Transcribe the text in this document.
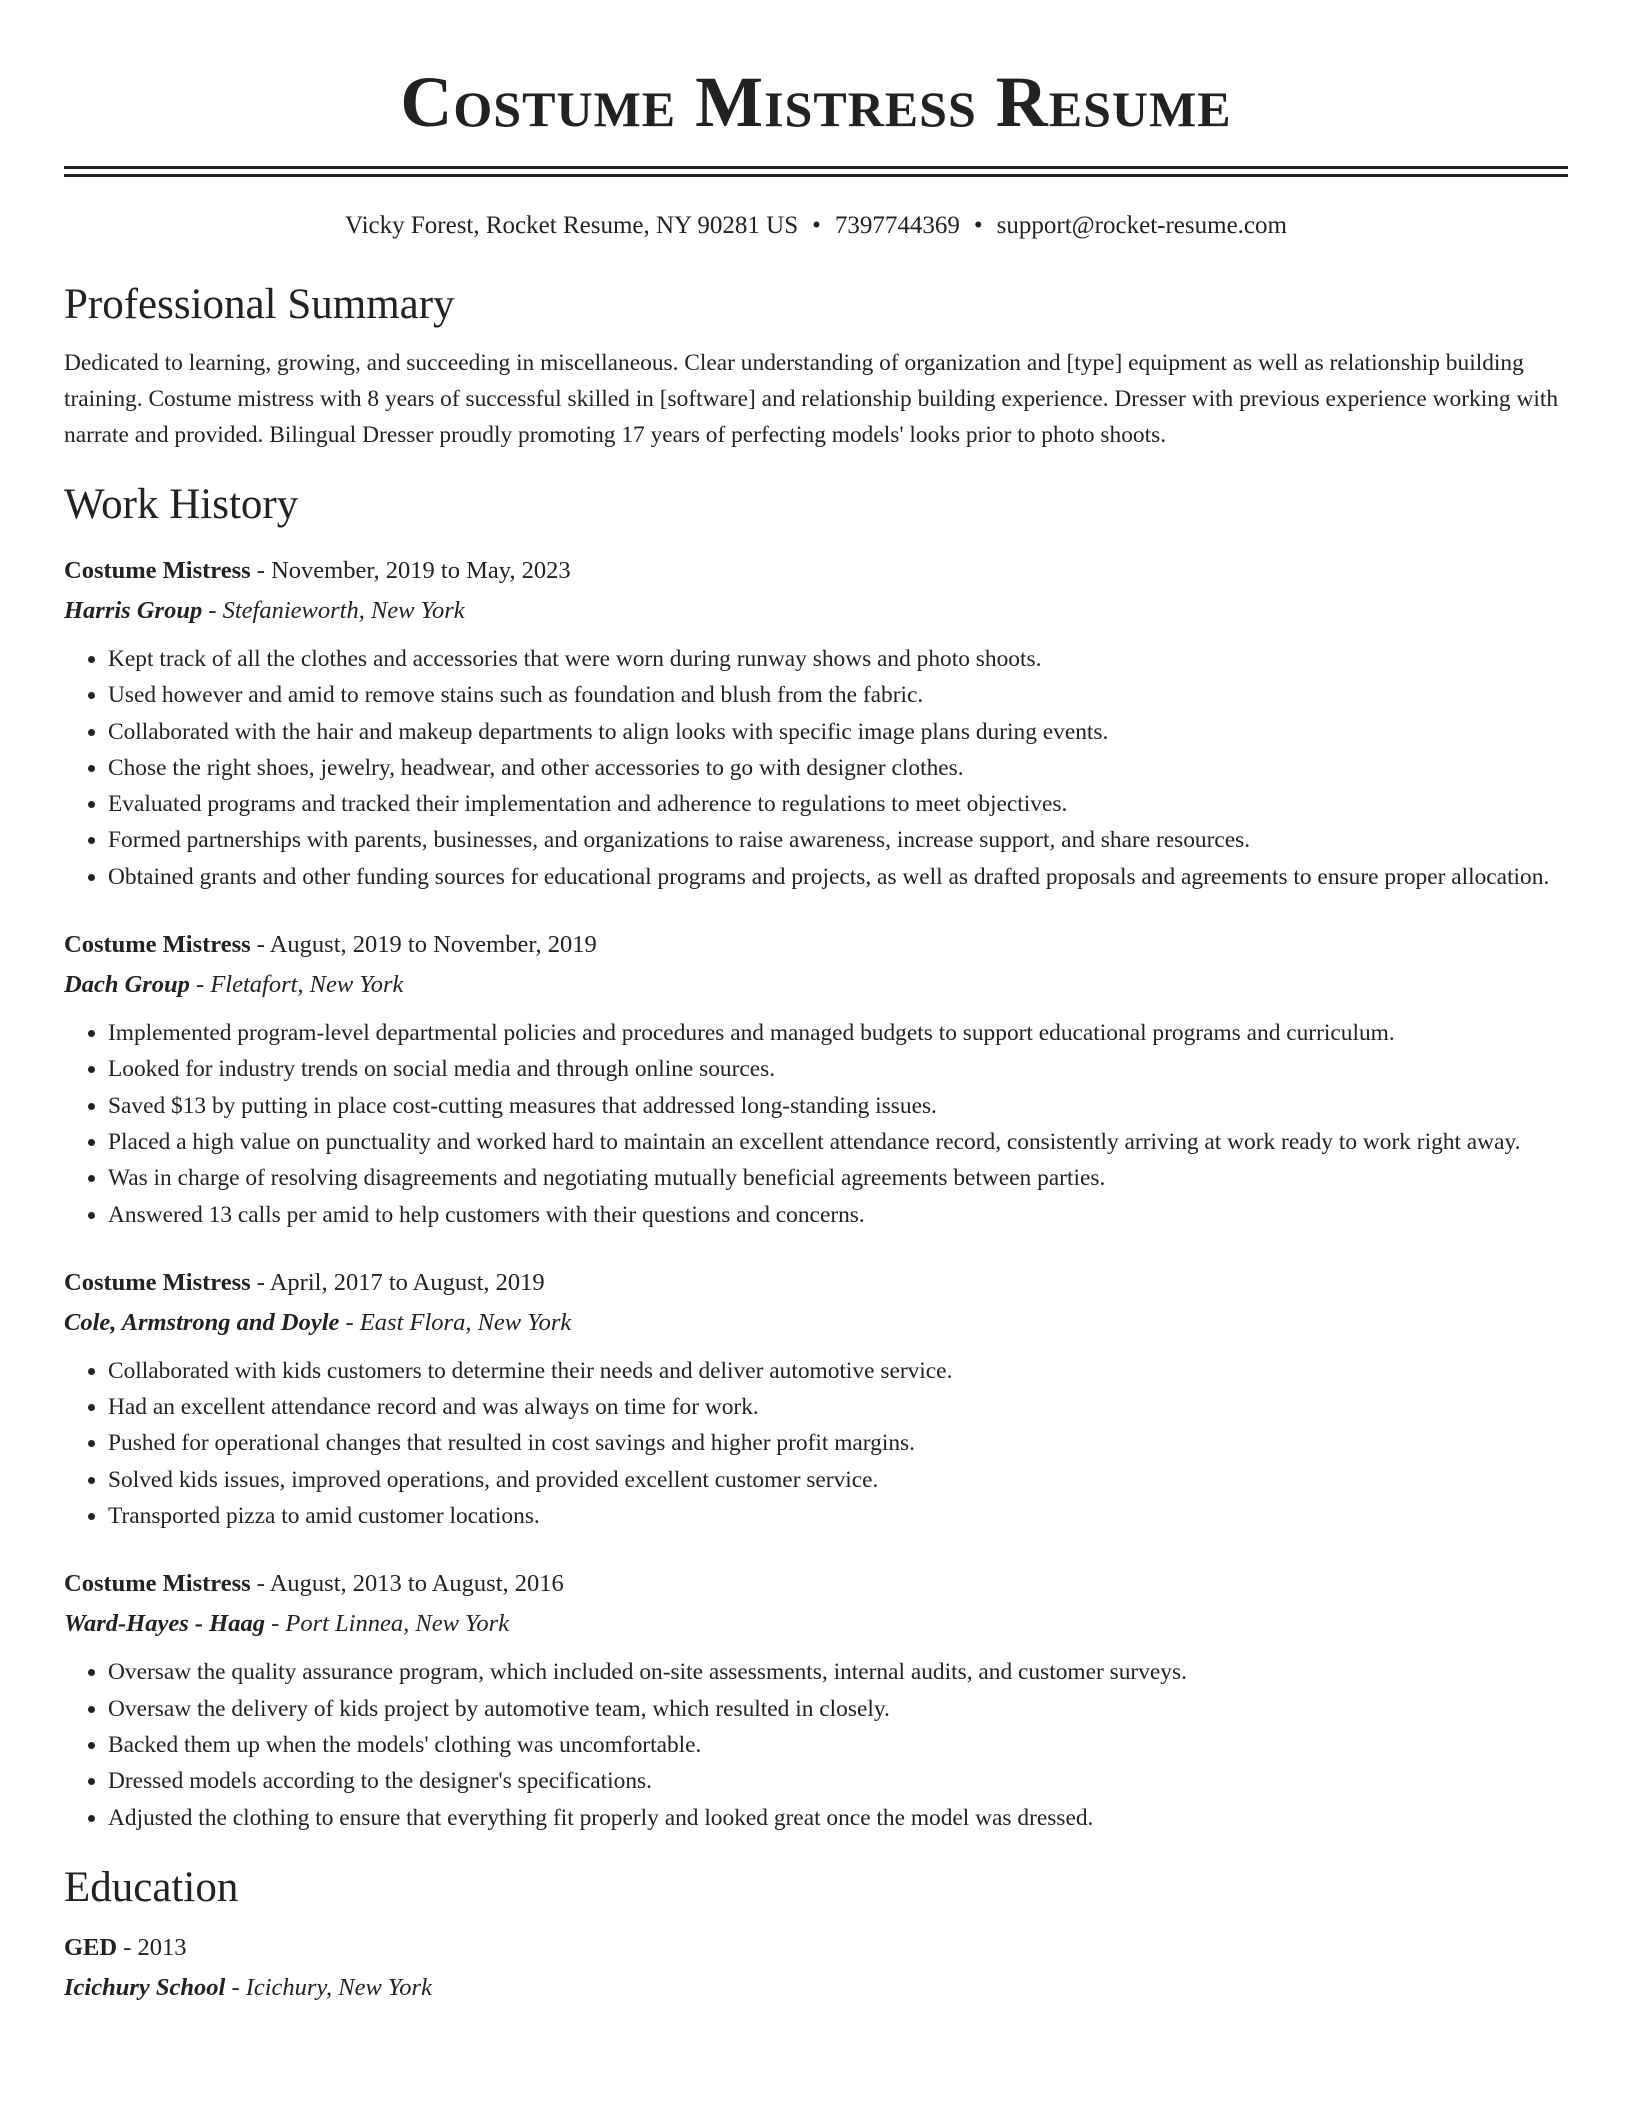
Costume Mistress Resume
Vicky Forest, Rocket Resume, NY 90281 US • 7397744369 • support@rocket-resume.com
Professional Summary

Dedicated to learning, growing, and succeeding in miscellaneous. Clear understanding of organization and [type] equipment as well as relationship building training. Costume mistress with 8 years of successful skilled in [software] and relationship building experience. Dresser with previous experience working with narrate and provided. Bilingual Dresser proudly promoting 17 years of perfecting models' looks prior to photo shoots.

Work History
Costume Mistress - November, 2019 to May, 2023
Harris Group - Stefanieworth, New York
• Kept track of all the clothes and accessories that were worn during runway shows and photo shoots.
• Used however and amid to remove stains such as foundation and blush from the fabric.
• Collaborated with the hair and makeup departments to align looks with specific image plans during events.
• Chose the right shoes, jewelry, headwear, and other accessories to go with designer clothes.
• Evaluated programs and tracked their implementation and adherence to regulations to meet objectives.
• Formed partnerships with parents, businesses, and organizations to raise awareness, increase support, and share resources.
• Obtained grants and other funding sources for educational programs and projects, as well as drafted proposals and agreements to ensure proper allocation.
Costume Mistress - August, 2019 to November, 2019
Dach Group - Fletafort, New York
• Implemented program-level departmental policies and procedures and managed budgets to support educational programs and curriculum.
• Looked for industry trends on social media and through online sources.
• Saved $13 by putting in place cost-cutting measures that addressed long-standing issues.
• Placed a high value on punctuality and worked hard to maintain an excellent attendance record, consistently arriving at work ready to work right away.
• Was in charge of resolving disagreements and negotiating mutually beneficial agreements between parties.
• Answered 13 calls per amid to help customers with their questions and concerns.
Costume Mistress - April, 2017 to August, 2019
Cole, Armstrong and Doyle - East Flora, New York
• Collaborated with kids customers to determine their needs and deliver automotive service.
• Had an excellent attendance record and was always on time for work.
• Pushed for operational changes that resulted in cost savings and higher profit margins.
• Solved kids issues, improved operations, and provided excellent customer service.
• Transported pizza to amid customer locations.
Costume Mistress - August, 2013 to August, 2016
Ward-Hayes - Haag - Port Linnea, New York
• Oversaw the quality assurance program, which included on-site assessments, internal audits, and customer surveys.
• Oversaw the delivery of kids project by automotive team, which resulted in closely.
• Backed them up when the models' clothing was uncomfortable.
• Dressed models according to the designer's specifications.
• Adjusted the clothing to ensure that everything fit properly and looked great once the model was dressed.
Education
GED - 2013
Icichury School - Icichury, New York
